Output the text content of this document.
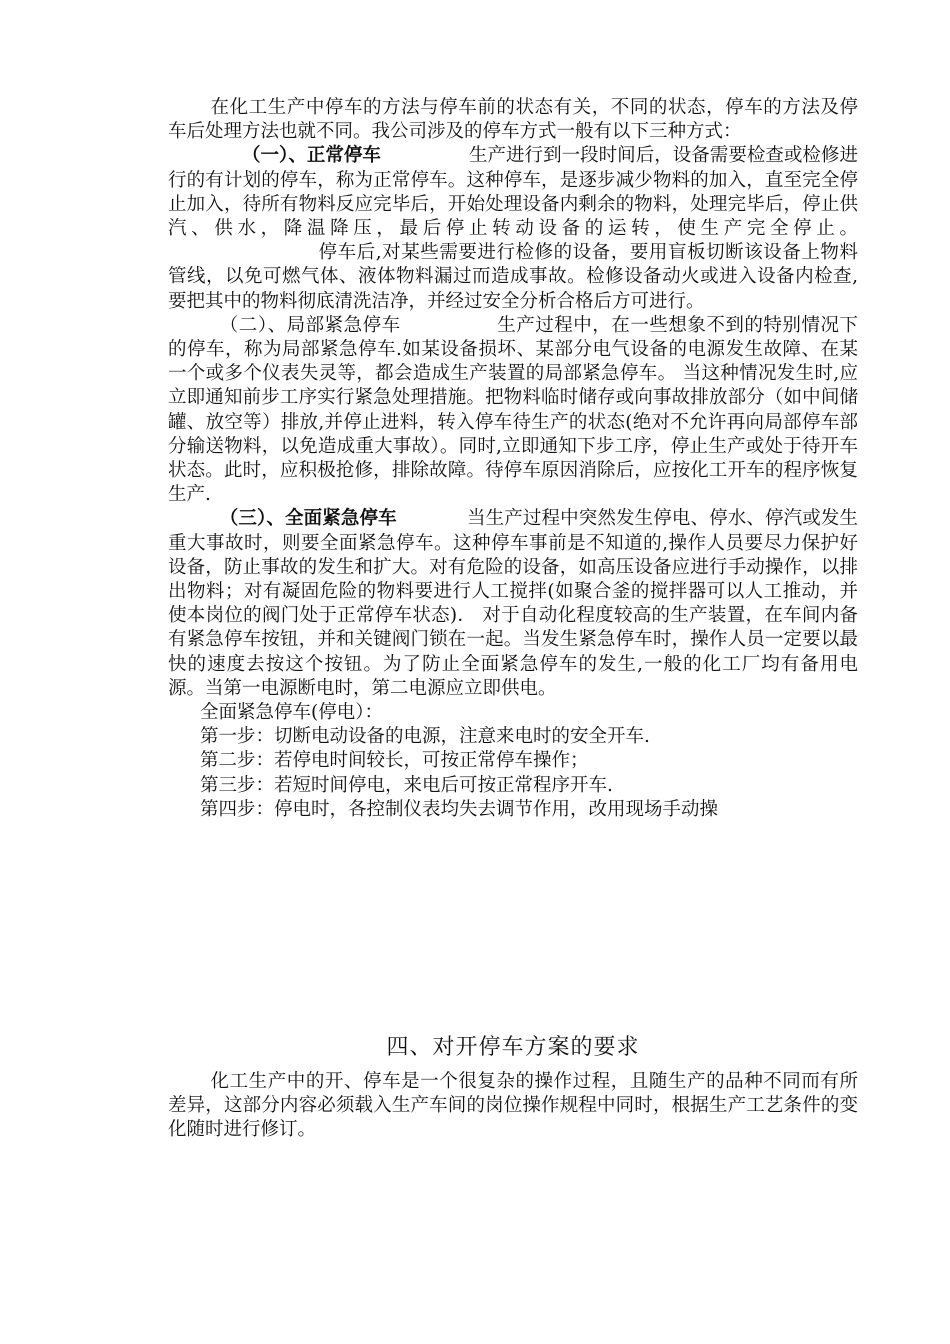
在化工生产中停车的方法与停车前的状态有关，不同的状态，停车的方法及停车后处理方法也就不同。我公司涉及的停车方式一般有以下三种方式：

（一）、正常停车	生产进行到一段时间后，设备需要检查或检修进行的有计划的停车，称为正常停车。这种停车，是逐步减少物料的加入，直至完全停止加入，待所有物料反应完毕后，开始处理设备内剩余的物料，处理完毕后，停止供汽、供水，降温降压，最后停止转动设备的运转，使生产完全停止。停车后,对某些需要进行检修的设备，要用盲板切断该设备上物料管线，以免可燃气体、液体物料漏过而造成事故。检修设备动火或进入设备内检查,要把其中的物料彻底清洗洁净，并经过安全分析合格后方可进行。

（二）、局部紧急停车	生产过程中，在一些想象不到的特别情况下的停车，称为局部紧急停车.如某设备损坏、某部分电气设备的电源发生故障、在某一个或多个仪表失灵等，都会造成生产装置的局部紧急停车。 当这种情况发生时,应立即通知前步工序实行紧急处理措施。把物料临时储存或向事故排放部分（如中间储罐、放空等）排放,并停止进料，转入停车待生产的状态(绝对不允许再向局部停车部分输送物料，以免造成重大事故）。同时,立即通知下步工序，停止生产或处于待开车状态。此时，应积极抢修，排除故障。待停车原因消除后，应按化工开车的程序恢复生产.

（三）、全面紧急停车	当生产过程中突然发生停电、停水、停汽或发生重大事故时，则要全面紧急停车。这种停车事前是不知道的,操作人员要尽力保护好设备，防止事故的发生和扩大。对有危险的设备，如高压设备应进行手动操作，以排出物料；对有凝固危险的物料要进行人工搅拌(如聚合釜的搅拌器可以人工推动，并使本岗位的阀门处于正常停车状态)． 对于自动化程度较高的生产装置，在车间内备有紧急停车按钮，并和关键阀门锁在一起。当发生紧急停车时，操作人员一定要以最快的速度去按这个按钮。为了防止全面紧急停车的发生,一般的化工厂均有备用电源。当第一电源断电时，第二电源应立即供电。

全面紧急停车(停电）：
第一步：切断电动设备的电源，注意来电时的安全开车.
第二步：若停电时间较长，可按正常停车操作；
第三步：若短时间停电，来电后可按正常程序开车.
第四步：停电时，各控制仪表均失去调节作用，改用现场手动操
四、对开停车方案的要求

化工生产中的开、停车是一个很复杂的操作过程，且随生产的品种不同而有所差异，这部分内容必须载入生产车间的岗位操作规程中同时，根据生产工艺条件的变化随时进行修订。
